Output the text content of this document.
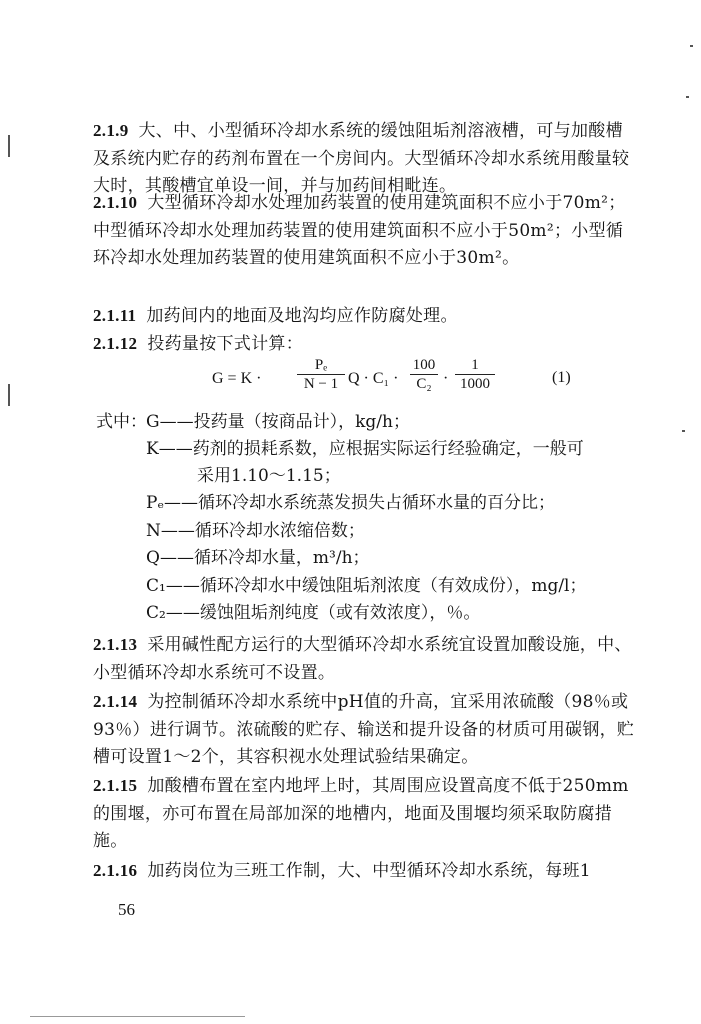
2.1.9 大、中、小型循环冷却水系统的缓蚀阻垢剂溶液槽，可与加酸槽及系统内贮存的药剂布置在一个房间内。大型循环冷却水系统用酸量较大时，其酸槽宜单设一间，并与加药间相毗连。
2.1.10 大型循环冷却水处理加药装置的使用建筑面积不应小于70m²；中型循环冷却水处理加药装置的使用建筑面积不应小于50m²；小型循环冷却水处理加药装置的使用建筑面积不应小于30m²。
2.1.11 加药间内的地面及地沟均应作防腐处理。
2.1.12 投药量按下式计算：
$G = K \cdot \frac{\text{Pₑ}}{N - 1}$ $Q \cdot C_1 \cdot \frac{100}{\text{C₂}} \cdot \frac{1}{1000}$	(1)
式中： G——投药量（按商品计），kg/h；
K——药剂的损耗系数，应根据实际运行经验确定，一般可
采用1.10～1.15；
Pₑ——循环冷却水系统蒸发损失占循环水量的百分比；
N——循环冷却水浓缩倍数；
Q——循环冷却水量，m³/h；
C₁——循环冷却水中缓蚀阻垢剂浓度（有效成份），mg/l；
C₂——缓蚀阻垢剂纯度（或有效浓度），％。
2.1.13 采用碱性配方运行的大型循环冷却水系统宜设置加酸设施，中、小型循环冷却水系统可不设置。
2.1.14 为控制循环冷却水系统中pH值的升高，宜采用浓硫酸（98％或93％）进行调节。浓硫酸的贮存、输送和提升设备的材质可用碳钢，贮槽可设置1～2个，其容积视水处理试验结果确定。
2.1.15 加酸槽布置在室内地坪上时，其周围应设置高度不低于250mm的围堰，亦可布置在局部加深的地槽内，地面及围堰均须采取防腐措施。
2.1.16 加药岗位为三班工作制，大、中型循环冷却水系统，每班1
56
